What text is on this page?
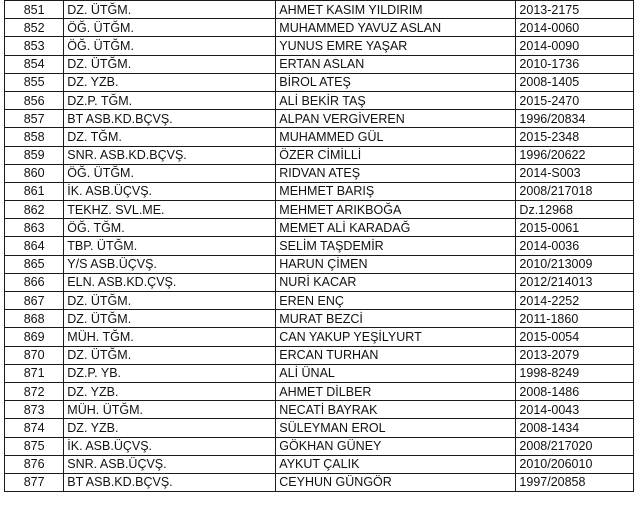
851	DZ. ÜTĞM.	AHMET KASIM YILDIRIM	2013-2175
852	ÖĞ. ÜTĞM.	MUHAMMED YAVUZ ASLAN	2014-0060
853	ÖĞ. ÜTĞM.	YUNUS EMRE YAŞAR	2014-0090
854	DZ. ÜTĞM.	ERTAN ASLAN	2010-1736
855	DZ. YZB.	BİROL ATEŞ	2008-1405
856	DZ.P. TĞM.	ALİ BEKİR TAŞ	2015-2470
857	BT ASB.KD.BÇVŞ.	ALPAN VERGİVEREN	1996/20834
858	DZ. TĞM.	MUHAMMED GÜL	2015-2348
859	SNR. ASB.KD.BÇVŞ.	ÖZER CİMİLLİ	1996/20622
860	ÖĞ. ÜTĞM.	RIDVAN ATEŞ	2014-S003
861	İK. ASB.ÜÇVŞ.	MEHMET BARIŞ	2008/217018
862	TEKHZ. SVL.ME.	MEHMET ARIKBOĞA	Dz.12968
863	ÖĞ. TĞM.	MEMET ALİ KARADAĞ	2015-0061
864	TBP. ÜTĞM.	SELİM TAŞDEMİR	2014-0036
865	Y/S ASB.ÜÇVŞ.	HARUN ÇİMEN	2010/213009
866	ELN. ASB.KD.ÇVŞ.	NURİ KACAR	2012/214013
867	DZ. ÜTĞM.	EREN ENÇ	2014-2252
868	DZ. ÜTĞM.	MURAT BEZCİ	2011-1860
869	MÜH. TĞM.	CAN YAKUP YEŞİLYURT	2015-0054
870	DZ. ÜTĞM.	ERCAN TURHAN	2013-2079
871	DZ.P. YB.	ALİ ÜNAL	1998-8249
872	DZ. YZB.	AHMET DİLBER	2008-1486
873	MÜH. ÜTĞM.	NECATİ BAYRAK	2014-0043
874	DZ. YZB.	SÜLEYMAN EROL	2008-1434
875	İK. ASB.ÜÇVŞ.	GÖKHAN GÜNEY	2008/217020
876	SNR. ASB.ÜÇVŞ.	AYKUT ÇALIK	2010/206010
877	BT ASB.KD.BÇVŞ.	CEYHUN GÜNGÖR	1997/20858
